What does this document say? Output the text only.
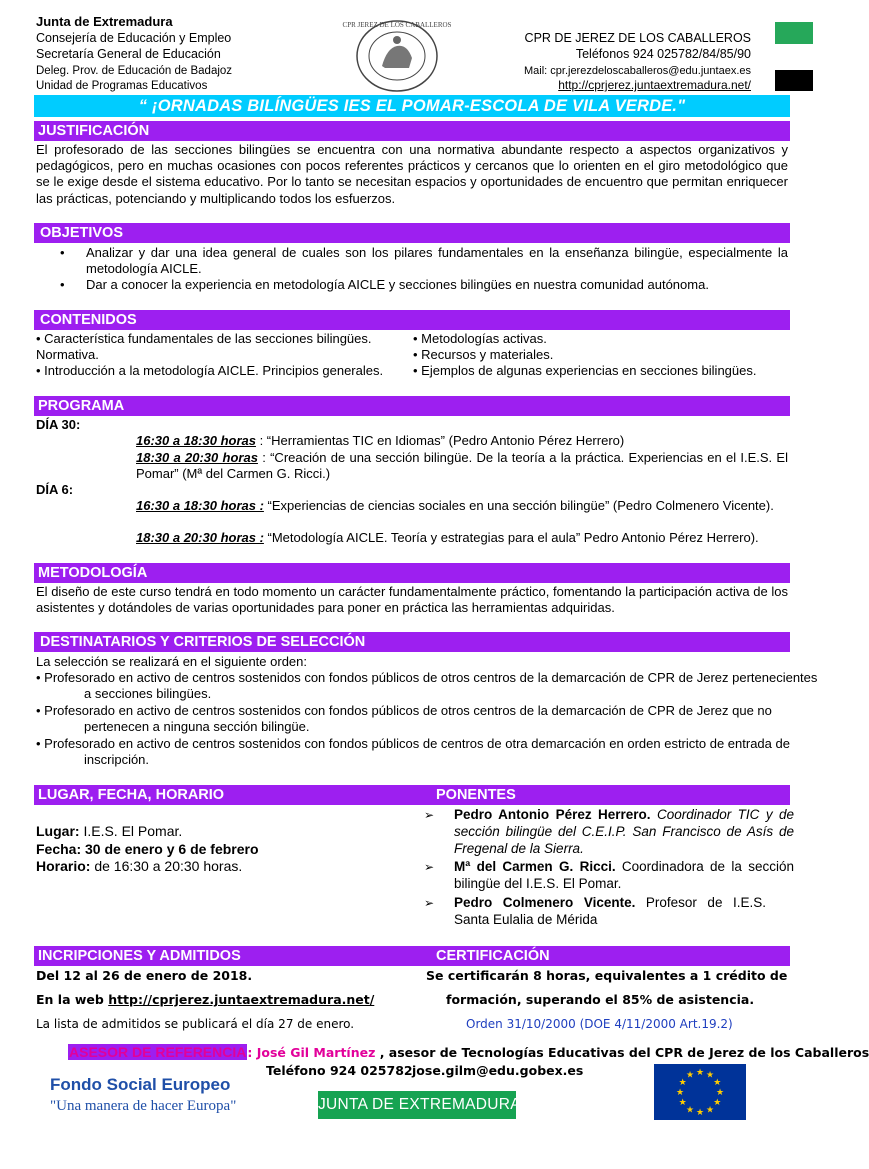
Junta de Extremadura
Consejería de Educación y Empleo
Secretaría General de Educación
Deleg. Prov. de Educación de Badajoz
Unidad de Programas Educativos
CPR JEREZ DE LOS CABALLEROS
CPR DE JEREZ DE LOS CABALLEROS
Teléfonos 924 025782/84/85/90
Mail: cpr.jerezdeloscaballeros@edu.juntaex.es
http://cprjerez.juntaextremadura.net/
“ ¡ORNADAS BILÍNGÜES IES EL POMAR-ESCOLA DE VILA VERDE."
JUSTIFICACIÓN
El profesorado de las secciones bilingües se encuentra con una normativa abundante respecto a aspectos organizativos y pedagógicos, pero en muchas ocasiones con pocos referentes prácticos y cercanos que lo orienten en el giro metodológico que se le exige desde el sistema educativo. Por lo tanto se necesitan espacios y oportunidades de encuentro que permitan enriquecer las prácticas, potenciando y multiplicando todos los esfuerzos.
OBJETIVOS
• Analizar y dar una idea general de cuales son los pilares fundamentales en la enseñanza bilingüe, especialmente la metodología AICLE.
• Dar a conocer la experiencia en metodología AICLE y secciones bilingües en nuestra comunidad autónoma.
CONTENIDOS
• Característica fundamentales de las secciones bilingües. Normativa.
• Introducción a la metodología AICLE. Principios generales.
• Metodologías activas.
• Recursos y materiales.
• Ejemplos de algunas experiencias en secciones bilingües.
PROGRAMA
DÍA 30:
16:30 a 18:30 horas : “Herramientas TIC en Idiomas” (Pedro Antonio Pérez Herrero)
18:30 a 20:30 horas : “Creación de una sección bilingüe. De la teoría a la práctica. Experiencias en el I.E.S. El Pomar” (Mª del Carmen G. Ricci.)
DÍA 6:
16:30 a 18:30 horas : “Experiencias de ciencias sociales en una sección bilingüe” (Pedro Colmenero Vicente).
18:30 a 20:30 horas : “Metodología AICLE. Teoría y estrategias para el aula” Pedro Antonio Pérez Herrero).
METODOLOGÍA
El diseño de este curso tendrá en todo momento un carácter fundamentalmente práctico, fomentando la participación activa de los asistentes y dotándoles de varias oportunidades para poner en práctica las herramientas adquiridas.
DESTINATARIOS Y CRITERIOS DE SELECCIÓN
La selección se realizará en el siguiente orden:
• Profesorado en activo de centros sostenidos con fondos públicos de otros centros de la demarcación de CPR de Jerez pertenecientes a secciones bilingües.
• Profesorado en activo de centros sostenidos con fondos públicos de otros centros de la demarcación de CPR de Jerez que no pertenecen a ninguna sección bilingüe.
• Profesorado en activo de centros sostenidos con fondos públicos de centros de otra demarcación en orden estricto de entrada de inscripción.
LUGAR, FECHA, HORARIO	PONENTES
Lugar: I.E.S. El Pomar.
Fecha: 30 de enero y 6 de febrero
Horario: de 16:30 a 20:30 horas.
➢ Pedro Antonio Pérez Herrero. Coordinador TIC y de sección bilingüe del C.E.I.P. San Francisco de Asís de Fregenal de la Sierra.
➢ Mª del Carmen G. Ricci. Coordinadora de la sección bilingüe del I.E.S. El Pomar.
➢ Pedro Colmenero Vicente. Profesor de I.E.S. Santa Eulalia de Mérida
INCRIPCIONES Y ADMITIDOS	CERTIFICACIÓN
Del 12 al 26 de enero de 2018.
En la web http://cprjerez.juntaextremadura.net/
La lista de admitidos se publicará el día 27 de enero.
Se certificarán 8 horas, equivalentes a 1 crédito de
formación, superando el 85% de asistencia.
Orden 31/10/2000 (DOE 4/11/2000 Art.19.2)
ASESOR DE REFERENCIA: José Gil Martínez , asesor de Tecnologías Educativas del CPR de Jerez de los Caballeros
Teléfono 924 025782 jose.gilm@edu.gobex.es
Fondo Social Europeo
"Una manera de hacer Europa"	JUNTA DE EXTREMADURA
★
★
★
★
★
★
★
★
★ ★ ★
★
